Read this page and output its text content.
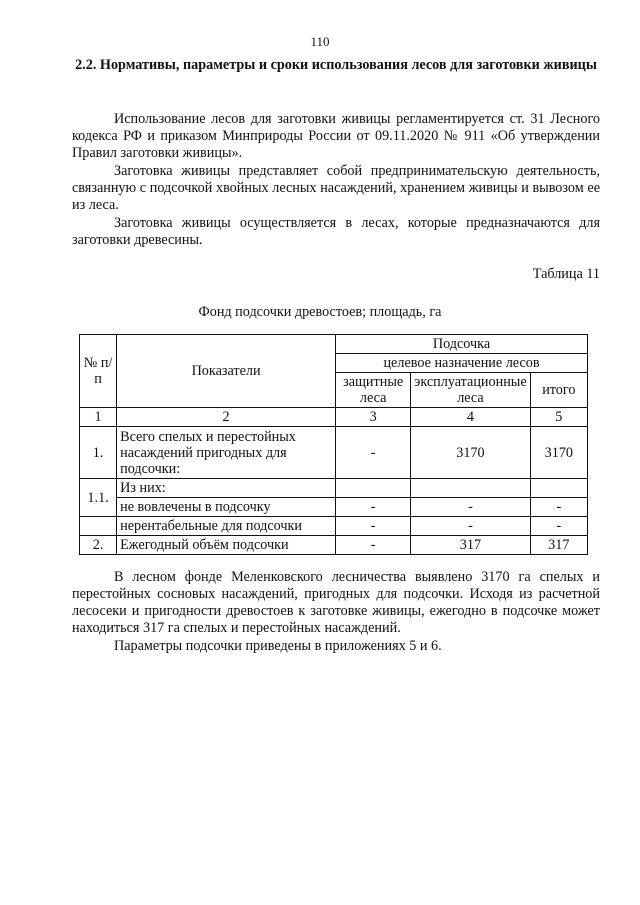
110
2.2. Нормативы, параметры и сроки использования лесов для заготовки живицы

Использование лесов для заготовки живицы регламентируется ст. 31 Лесного кодекса РФ и приказом Минприроды России от 09.11.2020 № 911 «Об утверждении Правил заготовки живицы».

Заготовка живицы представляет собой предпринимательскую деятельность, связанную с подсочкой хвойных лесных насаждений, хранением живицы и вывозом ее из леса.

Заготовка живицы осуществляется в лесах, которые предназначаются для заготовки древесины.

Таблица 11
Фонд подсочки древостоев; площадь, га
№ п/п	Показатели	Подсочка		
		целевое назначение лесов		
		защитные леса	эксплуатационные леса	итого
1	2	3	4	5
1.	Всего спелых и перестойных насаждений пригодных для подсочки:	-	3170	3170
1.1.	Из них:			
	не вовлечены в подсочку	-	-	-
	нерентабельные для подсочки	-	-	-
2.	Ежегодный объём подсочки	-	317	317

В лесном фонде Меленковского лесничества выявлено 3170 га спелых и перестойных сосновых насаждений, пригодных для подсочки. Исходя из расчетной лесосеки и пригодности древостоев к заготовке живицы, ежегодно в подсочке может находиться 317 га спелых и перестойных насаждений.

Параметры подсочки приведены в приложениях 5 и 6.
